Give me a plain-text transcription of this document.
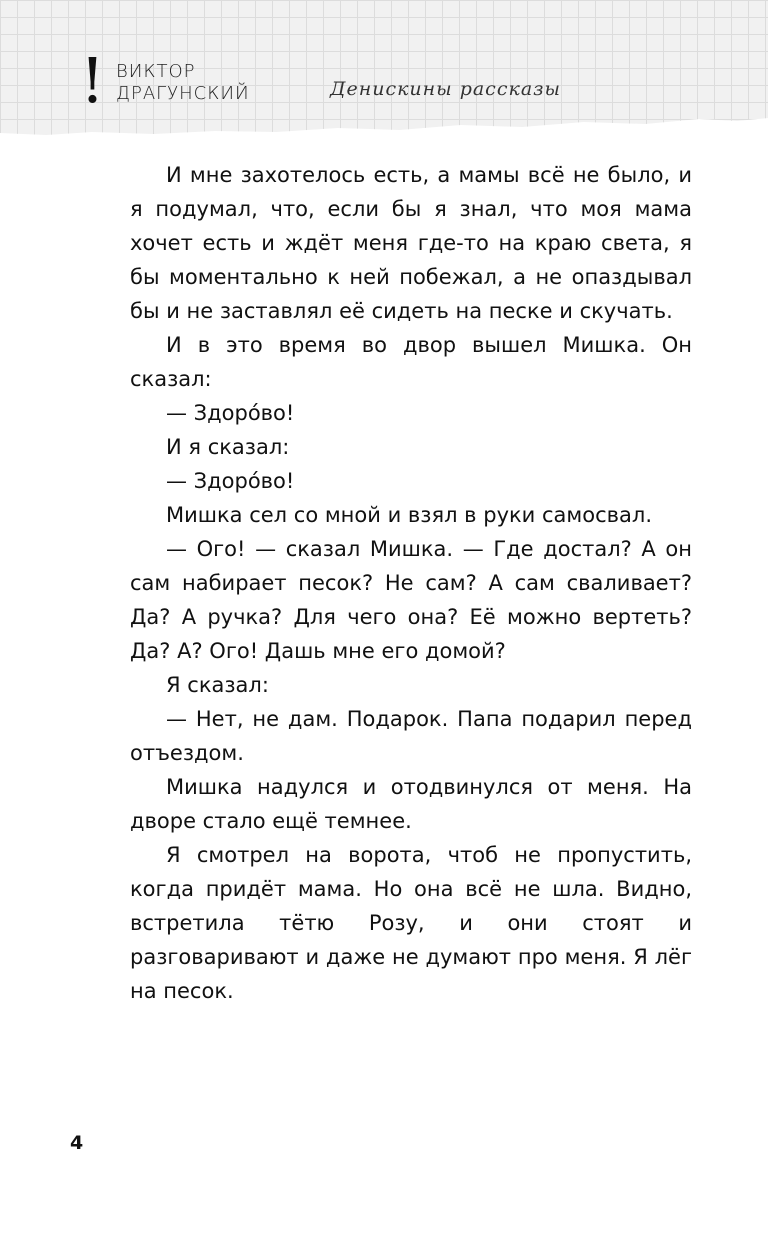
! ВИКТОР
ДРАГУНСКИЙ	Денискины рассказы

И мне захотелось есть, а мамы всё не было, и я подумал, что, если бы я знал, что моя мама хочет есть и ждёт меня где-то на краю света, я бы моментально к ней побежал, а не опаздывал бы и не заставлял её сидеть на песке и скучать.

И в это время во двор вышел Мишка. Он сказал:

— Здоро́во!

И я сказал:

— Здоро́во!

Мишка сел со мной и взял в руки самосвал.

— Ого! — сказал Мишка. — Где достал? А он сам набирает песок? Не сам? А сам сваливает? Да? А ручка? Для чего она? Её можно вертеть? Да? А? Ого! Дашь мне его домой?

Я сказал:

— Нет, не дам. Подарок. Папа подарил перед отъездом.

Мишка надулся и отодвинулся от меня. На дворе стало ещё темнее.

Я смотрел на ворота, чтоб не пропустить, когда придёт мама. Но она всё не шла. Видно, встретила тётю Розу, и они стоят и разговаривают и даже не думают про меня. Я лёг на песок.

4
